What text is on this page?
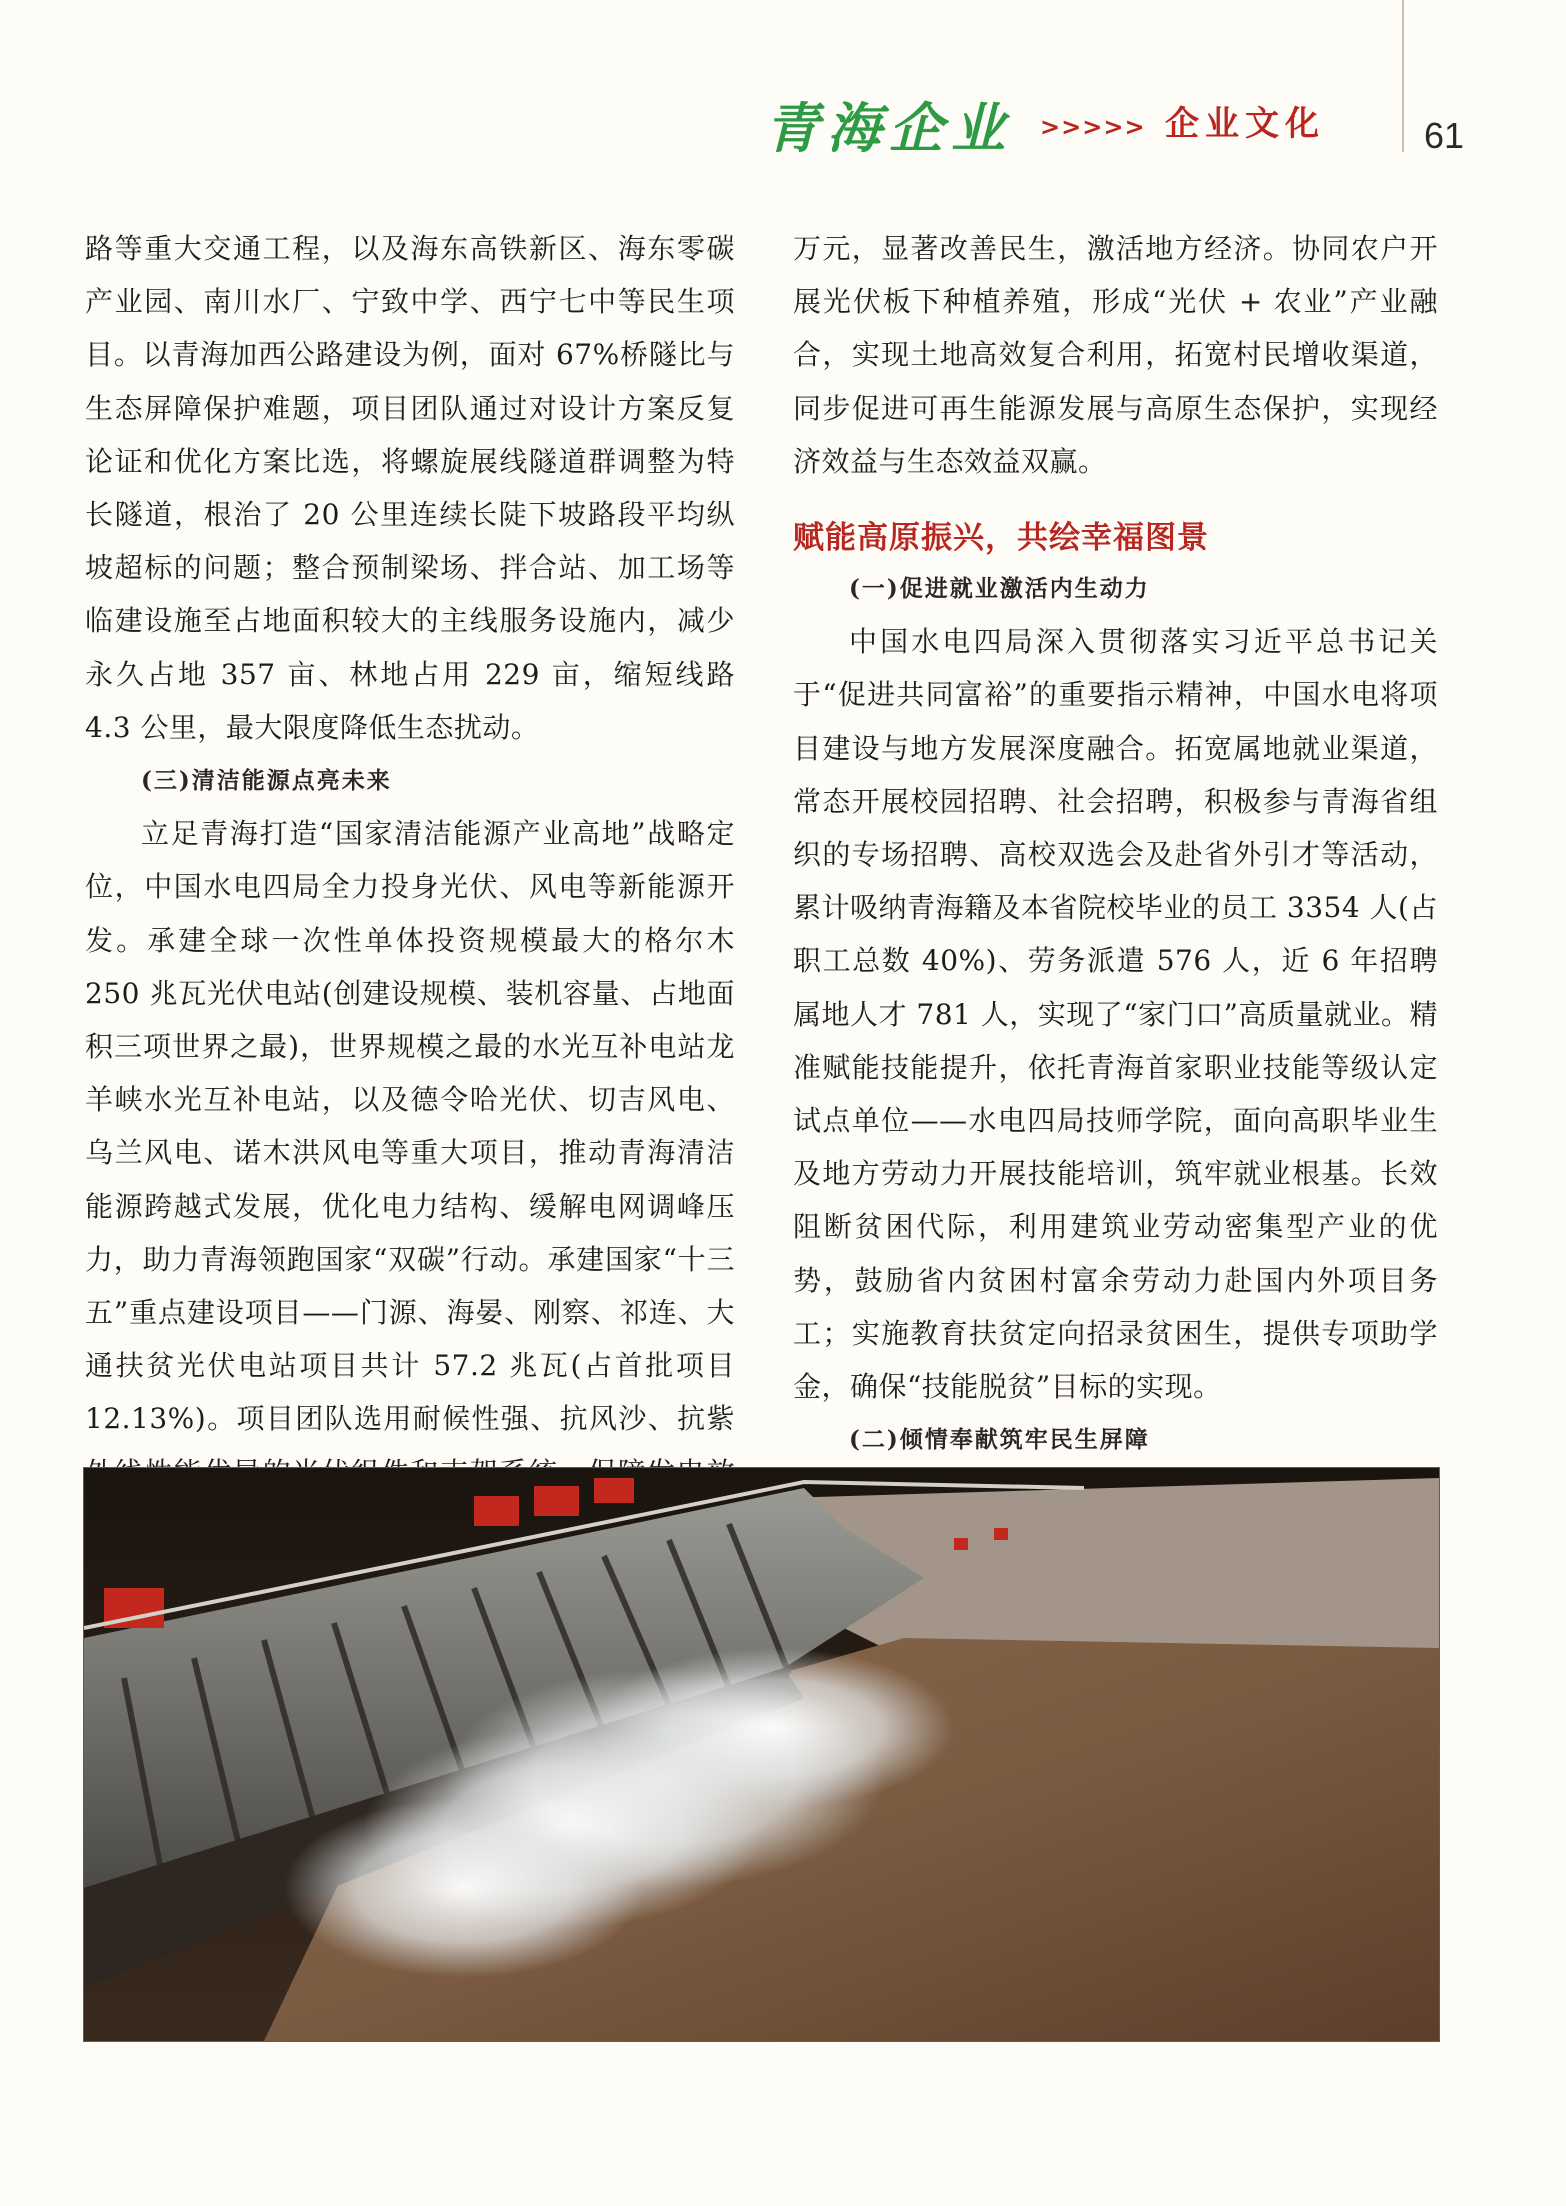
青海企业 >>>>> 企业文化	61

路等重大交通工程，以及海东高铁新区、海东零碳产业园、南川水厂、宁致中学、西宁七中等民生项目。以青海加西公路建设为例，面对 67%桥隧比与生态屏障保护难题，项目团队通过对设计方案反复论证和优化方案比选，将螺旋展线隧道群调整为特长隧道，根治了 20 公里连续长陡下坡路段平均纵坡超标的问题；整合预制梁场、拌合站、加工场等临建设施至占地面积较大的主线服务设施内，减少永久占地 357 亩、林地占用 229 亩，缩短线路 4.3 公里，最大限度降低生态扰动。

(三)清洁能源点亮未来

立足青海打造“国家清洁能源产业高地”战略定位，中国水电四局全力投身光伏、风电等新能源开发。承建全球一次性单体投资规模最大的格尔木 250 兆瓦光伏电站(创建设规模、装机容量、占地面积三项世界之最)，世界规模之最的水光互补电站龙羊峡水光互补电站，以及德令哈光伏、切吉风电、乌兰风电、诺木洪风电等重大项目，推动青海清洁能源跨越式发展，优化电力结构、缓解电网调峰压力，助力青海领跑国家“双碳”行动。承建国家“十三五”重点建设项目——门源、海晏、刚察、祁连、大通扶贫光伏电站项目共计 57.2 兆瓦(占首批项目 12.13%)。项目团队选用耐候性强、抗风沙、抗紫

万元，显著改善民生，激活地方经济。协同农户开展光伏板下种植养殖，形成“光伏 + 农业”产业融合，实现土地高效复合利用，拓宽村民增收渠道，同步促进可再生能源发展与高原生态保护，实现经济效益与生态效益双赢。

赋能高原振兴，共绘幸福图景
(一)促进就业激活内生动力

中国水电四局深入贯彻落实习近平总书记关于“促进共同富裕”的重要指示精神，中国水电将项目建设与地方发展深度融合。拓宽属地就业渠道，常态开展校园招聘、社会招聘，积极参与青海省组织的专场招聘、高校双选会及赴省外引才等活动，累计吸纳青海籍及本省院校毕业的员工 3354 人(占职工总数 40%)、劳务派遣 576 人，近 6 年招聘属地人才 781 人，实现了“家门口”高质量就业。精准赋能技能提升，依托青海首家职业技能等级认定试点单位——水电四局技师学院，面向高职毕业生及地方劳动力开展技能培训，筑牢就业根基。长效阻断贫困代际，利用建筑业劳动密集型产业的优势，鼓励省内贫困村富余劳动力赴国内外项目务工；实施教育扶贫定向招录贫困生，提供专项助学金，确保“技能脱贫”目标的实现。

(二)倾情奉献筑牢民生屏障
